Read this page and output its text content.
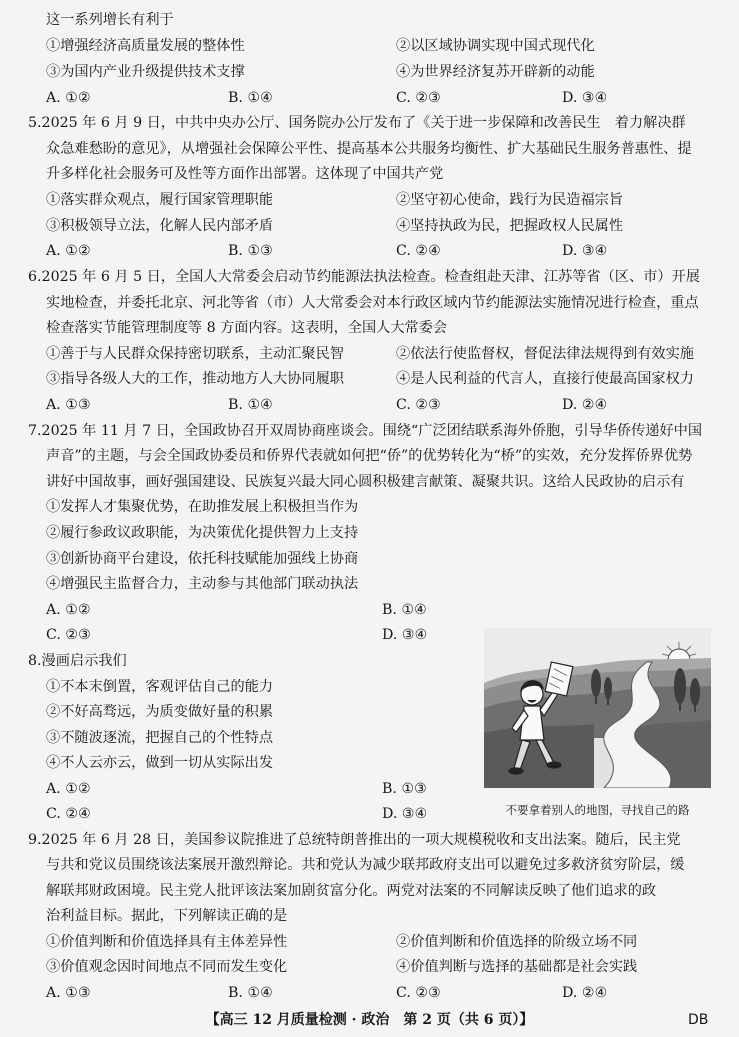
这一系列增长有利于
①增强经济高质量发展的整体性	②以区域协调实现中国式现代化
③为国内产业升级提供技术支撑	④为世界经济复苏开辟新的动能
A. ①②	B. ①④	C. ②③	D. ③④
5.2025 年 6 月 9 日，中共中央办公厅、国务院办公厅发布了《关于进一步保障和改善民生　着力解决群
众急难愁盼的意见》，从增强社会保障公平性、提高基本公共服务均衡性、扩大基础民生服务普惠性、提
升多样化社会服务可及性等方面作出部署。这体现了中国共产党
①落实群众观点，履行国家管理职能	②坚守初心使命，践行为民造福宗旨
③积极领导立法，化解人民内部矛盾	④坚持执政为民，把握政权人民属性
A. ①②	B. ①③	C. ②④	D. ③④
6.2025 年 6 月 5 日，全国人大常委会启动节约能源法执法检查。检查组赴天津、江苏等省（区、市）开展
实地检查，并委托北京、河北等省（市）人大常委会对本行政区域内节约能源法实施情况进行检查，重点
检查落实节能管理制度等 8 方面内容。这表明，全国人大常委会
①善于与人民群众保持密切联系，主动汇聚民智	②依法行使监督权，督促法律法规得到有效实施
③指导各级人大的工作，推动地方人大协同履职	④是人民利益的代言人，直接行使最高国家权力
A. ①③	B. ①④	C. ②③	D. ②④
7.2025 年 11 月 7 日，全国政协召开双周协商座谈会。围绕“广泛团结联系海外侨胞，引导华侨传递好中国
声音”的主题，与会全国政协委员和侨界代表就如何把“侨”的优势转化为“桥”的实效，充分发挥侨界优势
讲好中国故事，画好强国建设、民族复兴最大同心圆积极建言献策、凝聚共识。这给人民政协的启示有
①发挥人才集聚优势，在助推发展上积极担当作为
②履行参政议政职能，为决策优化提供智力上支持
③创新协商平台建设，依托科技赋能加强线上协商
④增强民主监督合力，主动参与其他部门联动执法
A. ①②	B. ①④
C. ②③	D. ③④
8.漫画启示我们
①不本末倒置，客观评估自己的能力
②不好高骛远，为质变做好量的积累
③不随波逐流，把握自己的个性特点
④不人云亦云，做到一切从实际出发
A. ①②	B. ①③
C. ②④	D. ③④	不要拿着别人的地图，寻找自己的路
9.2025 年 6 月 28 日，美国参议院推进了总统特朗普推出的一项大规模税收和支出法案。随后，民主党
与共和党议员围绕该法案展开激烈辩论。共和党认为减少联邦政府支出可以避免过多救济贫穷阶层，缓
解联邦财政困境。民主党人批评该法案加剧贫富分化。两党对法案的不同解读反映了他们追求的政
治利益目标。据此，下列解读正确的是
①价值判断和价值选择具有主体差异性	②价值判断和价值选择的阶级立场不同
③价值观念因时间地点不同而发生变化	④价值判断与选择的基础都是社会实践
A. ①③	B. ①④	C. ②③	D. ②④
【高三 12 月质量检测 · 政治　第 2 页（共 6 页）】	DB
